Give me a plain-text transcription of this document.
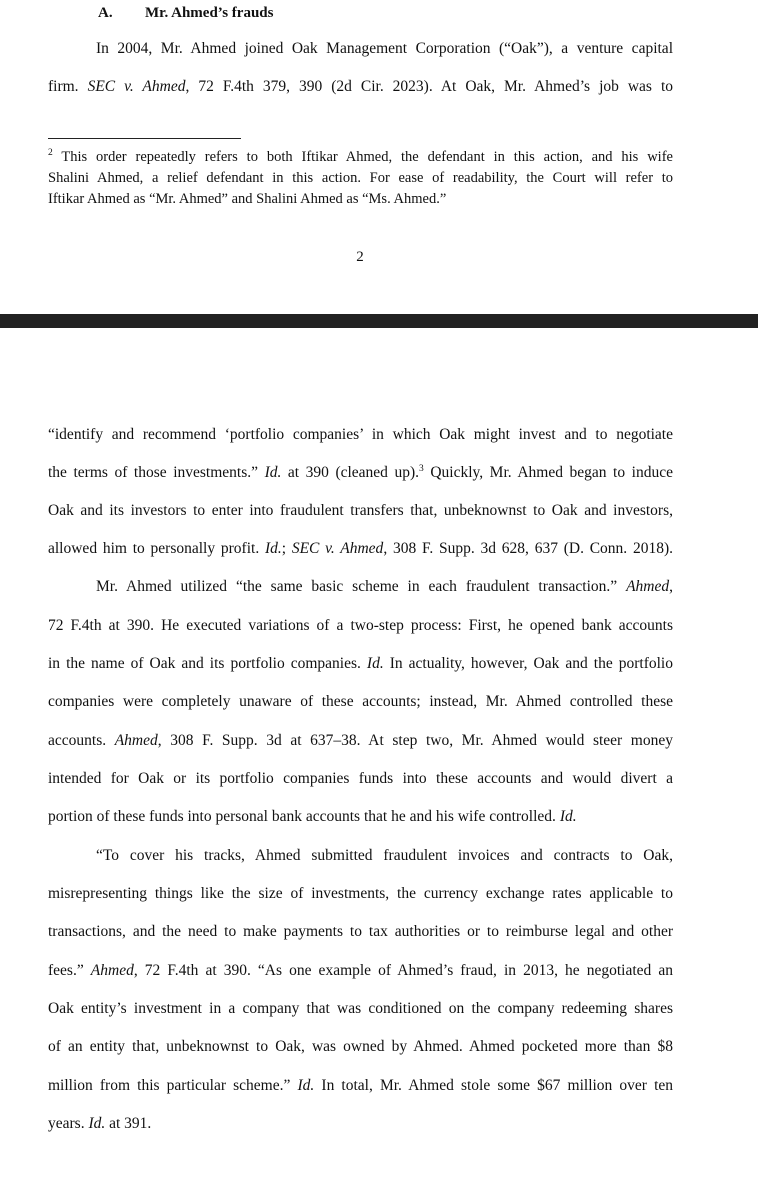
A. Mr. Ahmed’s frauds
In 2004, Mr. Ahmed joined Oak Management Corporation (“Oak”), a venture capital
firm. SEC v. Ahmed, 72 F.4th 379, 390 (2d Cir. 2023). At Oak, Mr. Ahmed’s job was to
$^2$ This order repeatedly refers to both Iftikar Ahmed, the defendant in this action, and his wife
Shalini Ahmed, a relief defendant in this action. For ease of readability, the Court will refer to
Iftikar Ahmed as “Mr. Ahmed” and Shalini Ahmed as “Ms. Ahmed.”
2
“identify and recommend ‘portfolio companies’ in which Oak might invest and to negotiate
the terms of those investments.” Id. at 390 (cleaned up).$^3$ Quickly, Mr. Ahmed began to induce
Oak and its investors to enter into fraudulent transfers that, unbeknownst to Oak and investors,
allowed him to personally profit. Id.; SEC v. Ahmed, 308 F. Supp. 3d 628, 637 (D. Conn. 2018).
Mr. Ahmed utilized “the same basic scheme in each fraudulent transaction.” Ahmed,
72 F.4th at 390. He executed variations of a two-step process: First, he opened bank accounts
in the name of Oak and its portfolio companies. Id. In actuality, however, Oak and the portfolio
companies were completely unaware of these accounts; instead, Mr. Ahmed controlled these
accounts. Ahmed, 308 F. Supp. 3d at 637–38. At step two, Mr. Ahmed would steer money
intended for Oak or its portfolio companies funds into these accounts and would divert a
portion of these funds into personal bank accounts that he and his wife controlled. Id.
“To cover his tracks, Ahmed submitted fraudulent invoices and contracts to Oak,
misrepresenting things like the size of investments, the currency exchange rates applicable to
transactions, and the need to make payments to tax authorities or to reimburse legal and other
fees.” Ahmed, 72 F.4th at 390. “As one example of Ahmed’s fraud, in 2013, he negotiated an
Oak entity’s investment in a company that was conditioned on the company redeeming shares
of an entity that, unbeknownst to Oak, was owned by Ahmed. Ahmed pocketed more than $8
million from this particular scheme.” Id. In total, Mr. Ahmed stole some $67 million over ten
years. Id. at 391.
